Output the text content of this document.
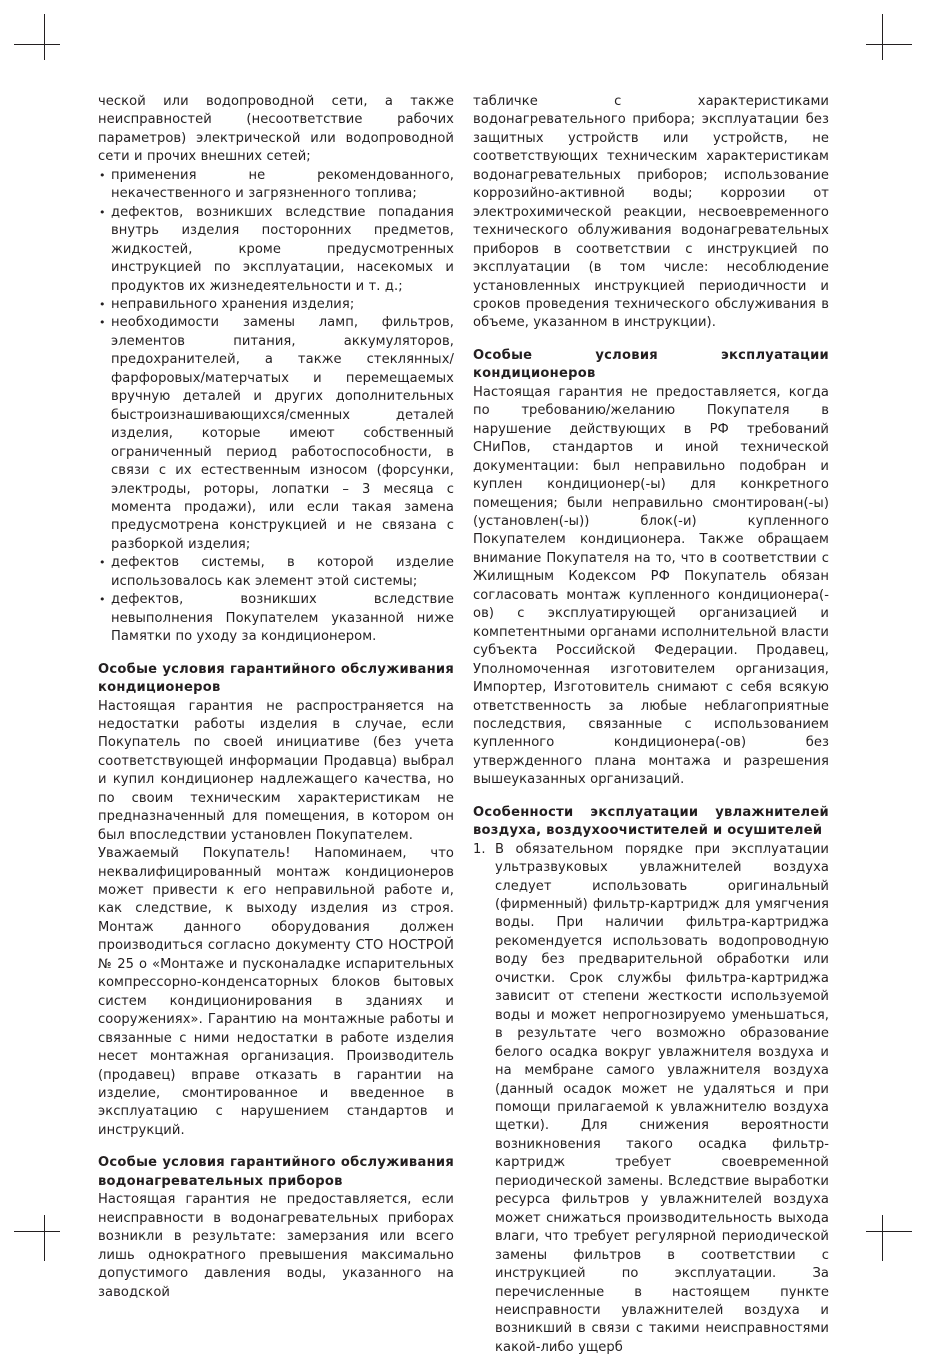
ческой или водопроводной сети, а также неисправностей (несоответствие рабочих параметров) электрической или водопроводной сети и прочих внешних сетей;

• применения не рекомендованного, некачественного и загрязненного топлива;
• дефектов, возникших вследствие попадания внутрь изделия посторонних предметов, жидкостей, кроме предусмотренных инструкцией по эксплуатации, насекомых и продуктов их жизнедеятельности и т. д.;
• неправильного хранения изделия;
• необходимости замены ламп, фильтров, элементов питания, аккумуляторов, предохранителей, а также стеклянных/фарфоровых/матерчатых и перемещаемых вручную деталей и других дополнительных быстроизнашивающихся/сменных деталей изделия, которые имеют собственный ограниченный период работоспособности, в связи с их естественным износом (форсунки, электроды, роторы, лопатки – 3 месяца с момента продажи), или если такая замена предусмотрена конструкцией и не связана с разборкой изделия;
• дефектов системы, в которой изделие использовалось как элемент этой системы;
• дефектов, возникших вследствие невыполнения Покупателем указанной ниже Памятки по уходу за кондиционером.
Особые условия гарантийного обслуживания кондиционеров

Настоящая гарантия не распространяется на недостатки работы изделия в случае, если Покупатель по своей инициативе (без учета соответствующей информации Продавца) выбрал и купил кондиционер надлежащего качества, но по своим техническим характеристикам не предназначенный для помещения, в котором он был впоследствии установлен Покупателем.

Уважаемый Покупатель! Напоминаем, что неквалифицированный монтаж кондиционеров может привести к его неправильной работе и, как следствие, к выходу изделия из строя. Монтаж данного оборудования должен производиться согласно документу СТО НОСТРОЙ № 25 о «Монтаже и пусконаладке испарительных компрессорно-конденсаторных блоков бытовых систем кондиционирования в зданиях и сооружениях». Гарантию на монтажные работы и связанные с ними недостатки в работе изделия несет монтажная организация. Производитель (продавец) вправе отказать в гарантии на изделие, смонтированное и введенное в эксплуатацию с нарушением стандартов и инструкций.

Особые условия гарантийного обслуживания водонагревательных приборов

Настоящая гарантия не предоставляется, если неисправности в водонагревательных приборах возникли в результате: замерзания или всего лишь однократного превышения максимально допустимого давления воды, указанного на заводской

табличке с характеристиками водонагревательного прибора; эксплуатации без защитных устройств или устройств, не соответствующих техническим характеристикам водонагревательных приборов; использование коррозийно-активной воды; коррозии от электрохимической реакции, несвоевременного технического облуживания водонагревательных приборов в соответствии с инструкцией по эксплуатации (в том числе: несоблюдение установленных инструкцией периодичности и сроков проведения технического обслуживания в объеме, указанном в инструкции).

Особые условия эксплуатации кондиционеров

Настоящая гарантия не предоставляется, когда по требованию/желанию Покупателя в нарушение действующих в РФ требований СНиПов, стандартов и иной технической документации: был неправильно подобран и куплен кондиционер(-ы) для конкретного помещения; были неправильно смонтирован(-ы) (установлен(-ы)) блок(-и) купленного Покупателем кондиционера. Также обращаем внимание Покупателя на то, что в соответствии с Жилищным Кодексом РФ Покупатель обязан согласовать монтаж купленного кондиционера(-ов) с эксплуатирующей организацией и компетентными органами исполнительной власти субъекта Российской Федерации. Продавец, Уполномоченная изготовителем организация, Импортер, Изготовитель снимают с себя всякую ответственность за любые неблагоприятные последствия, связанные с использованием купленного кондиционера(-ов) без утвержденного плана монтажа и разрешения вышеуказанных организаций.

Особенности эксплуатации увлажнителей воздуха, воздухоочистителей и осушителей
1. В обязательном порядке при эксплуатации ультразвуковых увлажнителей воздуха следует использовать оригинальный (фирменный) фильтр-картридж для умягчения воды. При наличии фильтра-картриджа рекомендуется использовать водопроводную воду без предварительной обработки или очистки. Срок службы фильтра-картриджа зависит от степени жесткости используемой воды и может непрогнозируемо уменьшаться, в результате чего возможно образование белого осадка вокруг увлажнителя воздуха и на мембране самого увлажнителя воздуха (данный осадок может не удаляться и при помощи прилагаемой к увлажнителю воздуха щетки). Для снижения вероятности возникновения такого осадка фильтр-картридж требует своевременной периодической замены. Вследствие выработки ресурса фильтров у увлажнителей воздуха может снижаться производительность выхода влаги, что требует регулярной периодической замены фильтров в соответствии с инструкцией по эксплуатации. За перечисленные в настоящем пункте неисправности увлажнителей воздуха и возникший в связи с такими неисправностями какой-либо ущерб
